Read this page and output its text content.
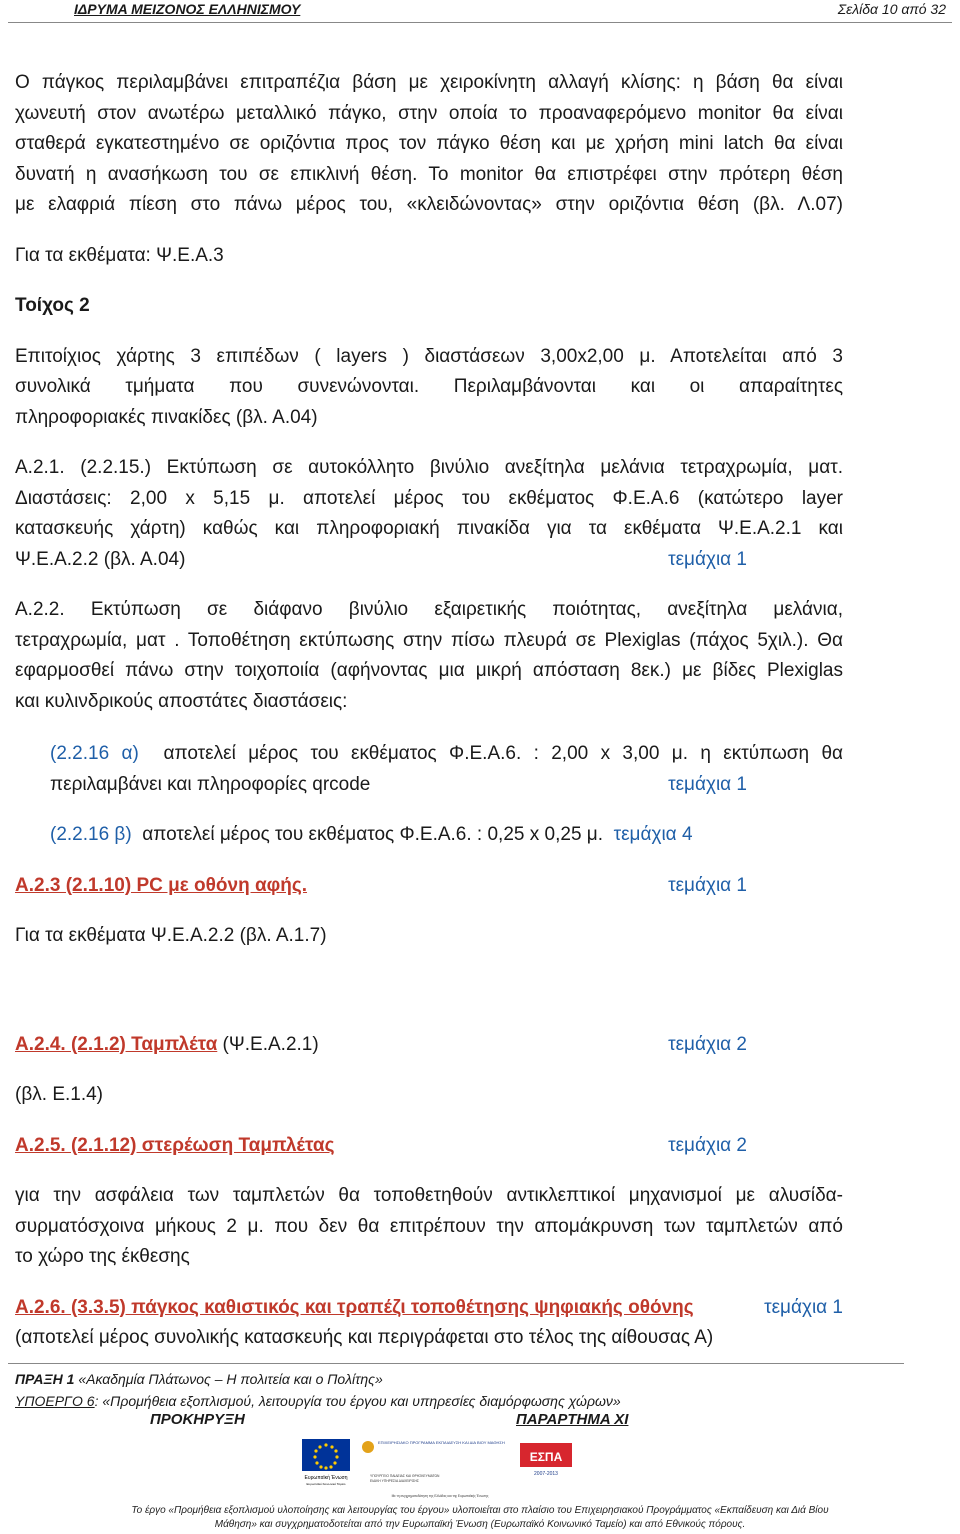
ΙΔΡΥΜΑ ΜΕΙΖΟΝΟΣ ΕΛΛΗΝΙΣΜΟΥ	Σελίδα 10 από 32

Ο πάγκος περιλαμβάνει επιτραπέζια βάση με χειροκίνητη αλλαγή κλίσης: η βάση θα είναι

χωνευτή στον ανωτέρω μεταλλικό πάγκο, στην οποία το προαναφερόμενο monitor θα είναι

σταθερά εγκατεστημένο σε οριζόντια προς τον πάγκο θέση και με χρήση mini latch θα είναι

δυνατή η ανασήκωση του σε επικλινή θέση. Το monitor θα επιστρέφει στην πρότερη θέση

με ελαφριά πίεση στο πάνω μέρος του, «κλειδώνοντας» στην οριζόντια θέση (βλ. Λ.07)

Για τα εκθέματα: Ψ.Ε.Α.3

Τοίχος 2

Επιτοίχιος χάρτης 3 επιπέδων ( layers ) διαστάσεων 3,00x2,00 μ. Αποτελείται από 3

συνολικά τμήματα που συνενώνονται. Περιλαμβάνονται και οι απαραίτητες

πληροφοριακές πινακίδες (βλ. Α.04)

Α.2.1. (2.2.15.) Εκτύπωση σε αυτοκόλλητο βινύλιο ανεξίτηλα μελάνια τετραχρωμία, ματ.

Διαστάσεις: 2,00 x 5,15 μ. αποτελεί μέρος του εκθέματος Φ.Ε.Α.6 (κατώτερο layer

κατασκευής χάρτη) καθώς και πληροφοριακή πινακίδα για τα εκθέματα Ψ.Ε.Α.2.1 και

Ψ.Ε.Α.2.2 (βλ. Α.04)	τεμάχια 1

Α.2.2. Εκτύπωση σε διάφανο βινύλιο εξαιρετικής ποιότητας, ανεξίτηλα μελάνια,

τετραχρωμία, ματ . Τοποθέτηση εκτύπωσης στην πίσω πλευρά σε Plexiglas (πάχος 5χιλ.). Θα

εφαρμοσθεί πάνω στην τοιχοποιία (αφήνοντας μια μικρή απόσταση 8εκ.) με βίδες Plexiglas

και κυλινδρικούς αποστάτες διαστάσεις:

(2.2.16 α) αποτελεί μέρος του εκθέματος Φ.Ε.Α.6. : 2,00 x 3,00 μ. η εκτύπωση θα

περιλαμβάνει και πληροφορίες qrcode	τεμάχια 1

(2.2.16 β) αποτελεί μέρος του εκθέματος Φ.Ε.Α.6. : 0,25 x 0,25 μ. τεμάχια 4

Α.2.3 (2.1.10) PC με οθόνη αφής.	τεμάχια 1

Για τα εκθέματα Ψ.Ε.Α.2.2 (βλ. Α.1.7)

Α.2.4. (2.1.2) Ταμπλέτα (Ψ.Ε.Α.2.1)	τεμάχια 2

(βλ. Ε.1.4)

Α.2.5. (2.1.12) στερέωση Ταμπλέτας	τεμάχια 2

για την ασφάλεια των ταμπλετών θα τοποθετηθούν αντικλεπτικοί μηχανισμοί με αλυσίδα-

συρματόσχοινα μήκους 2 μ. που δεν θα επιτρέπουν την απομάκρυνση των ταμπλετών από

το χώρο της έκθεσης

Α.2.6. (3.3.5) πάγκος καθιστικός και τραπέζι τοποθέτησης ψηφιακής οθόνης	τεμάχια 1

(αποτελεί μέρος συνολικής κατασκευής και περιγράφεται στο τέλος της αίθουσας Α)

ΠΡΑΞΗ 1 «Ακαδημία Πλάτωνος – Η πολιτεία και ο Πολίτης»
ΥΠΟΕΡΓΟ 6: «Προμήθεια εξοπλισμού, λειτουργία του έργου και υπηρεσίες διαμόρφωσης χώρων»
ΠΡΟΚΗΡΥΞΗ	ΠΑΡΑΡΤΗΜΑ ΧΙ
Ευρωπαϊκή Ένωση
Ευρωπαϊκό Κοινωνικό Ταμείο
ΕΠΙΧΕΙΡΗΣΙΑΚΟ ΠΡΟΓΡΑΜΜΑ ΕΚΠΑΙΔΕΥΣΗ ΚΑΙ ΔΙΑ ΒΙΟΥ ΜΑΘΗΣΗ
ΥΠΟΥΡΓΕΙΟ ΠΑΙΔΕΙΑΣ ΚΑΙ ΘΡΗΣΚΕΥΜΑΤΩΝ
ΕΙΔΙΚΗ ΥΠΗΡΕΣΙΑ ΔΙΑΧΕΙΡΙΣΗΣ
ΕΣΠΑ
2007-2013
Με τη συγχρηματοδότηση της Ελλάδας και της Ευρωπαϊκής Ένωσης
Το έργο «Προμήθεια εξοπλισμού υλοποίησης και λειτουργίας του έργου» υλοποιείται στο πλαίσιο του Επιχειρησιακού Προγράμματος «Εκπαίδευση και Διά Βίου
Μάθηση» και συγχρηματοδοτείται από την Ευρωπαϊκή Ένωση (Ευρωπαϊκό Κοινωνικό Ταμείο) και από Εθνικούς πόρους.
